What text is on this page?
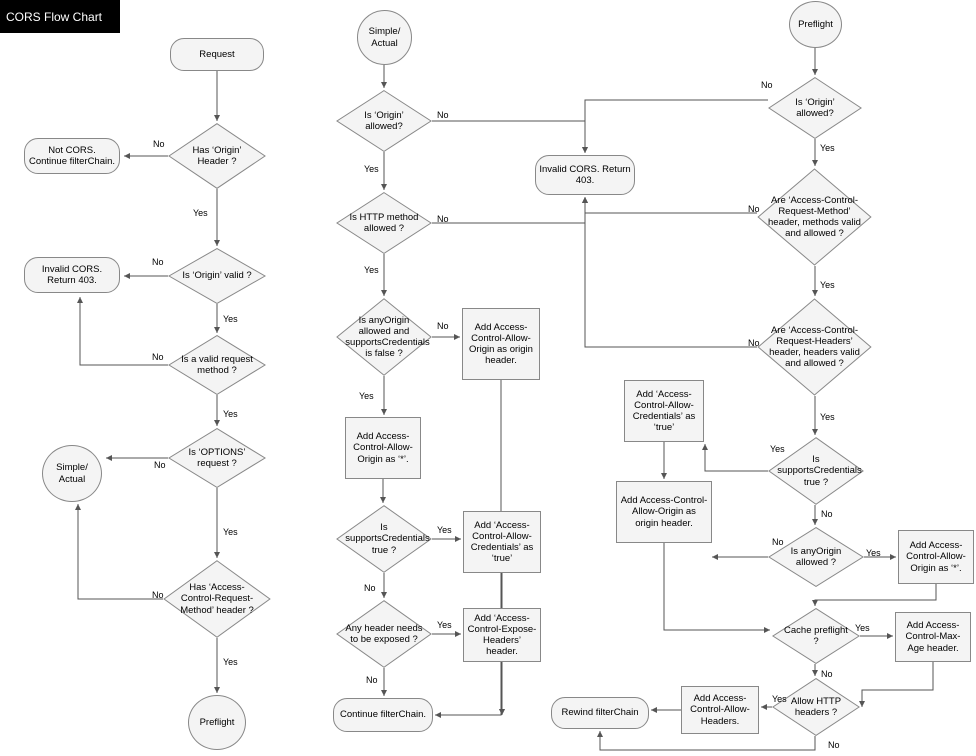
CORS Flow Chart
Request
Has ‘Origin’ Header ?
Not CORS. Continue filterChain.
Is ‘Origin’ valid ?
Invalid CORS. Return 403.
Is a valid request method ?
Is ‘OPTIONS’ request ?
Simple/ Actual
Has ‘Access-Control-Request-Method’ header ?
Preflight
Simple/ Actual
Is ‘Origin’ allowed?
Invalid CORS. Return 403.
Is HTTP method allowed ?
Is anyOrigin allowed and supportsCredentials is false ?
Add Access-Control-Allow-Origin as origin header.
Add Access-Control-Allow-Origin as ‘*’.
Is supportsCredentials true ?
Add ‘Access-Control-Allow-Credentials’ as ‘true’
Any header needs to be exposed ?
Add ‘Access-Control-Expose-Headers’ header.
Continue filterChain.
Preflight
Is ‘Origin’ allowed?
Are ‘Access-Control-Request-Method’ header, methods valid and allowed ?
Are ‘Access-Control-Request-Headers’ header, headers valid and allowed ?
Is supportsCredentials true ?
Add ‘Access-Control-Allow-Credentials’ as ‘true’
Add Access-Control-Allow-Origin as origin header.
Is anyOrigin allowed ?
Add Access-Control-Allow-Origin as ‘*’.
Cache preflight ?
Add Access-Control-Max-Age header.
Allow HTTP headers ?
Add Access-Control-Allow-Headers.
Rewind filterChain
No
Yes
No
Yes
No
Yes
No
Yes
No
Yes
No
Yes
No
Yes
No
Yes
Yes
No
Yes
No
No
Yes
No
Yes
No
Yes
Yes
No
No
Yes
Yes
No
Yes
No
